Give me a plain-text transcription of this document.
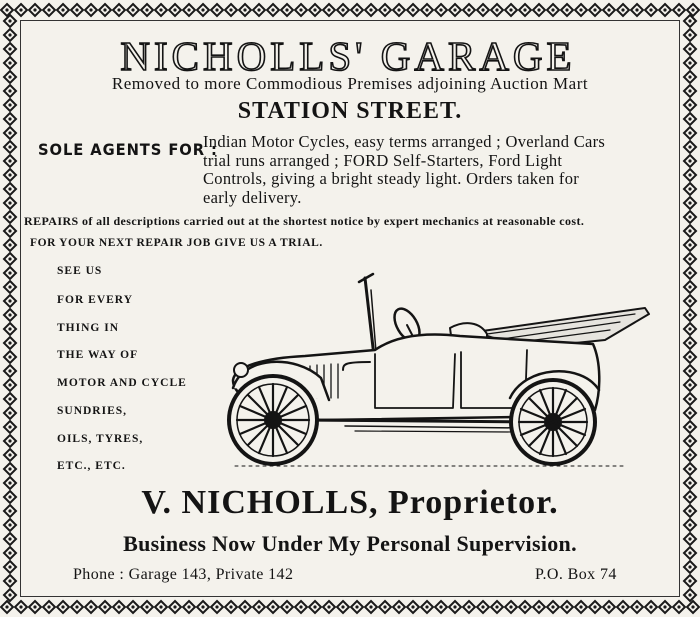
NICHOLLS' GARAGE

Removed to more Commodious Premises adjoining Auction Mart

STATION STREET.

SOLE AGENTS FOR :

Indian Motor Cycles, easy terms arranged ; Overland Cars
trial runs arranged ; FORD Self-Starters, Ford Light
Controls, giving a bright steady light. Orders taken for
early delivery.

REPAIRS of all descriptions carried out at the shortest notice by expert mechanics at reasonable cost.

FOR YOUR NEXT REPAIR JOB GIVE US A TRIAL.

SEE US

FOR EVERY

THING IN

THE WAY OF

MOTOR AND CYCLE

SUNDRIES,

OILS, TYRES,

ETC., ETC.

V. NICHOLLS, Proprietor.

Business Now Under My Personal Supervision.

Phone : Garage 143, Private 142	P.O. Box 74
